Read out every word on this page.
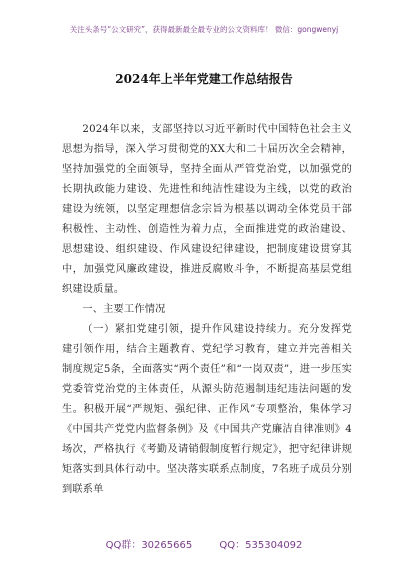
关注头条号“公文研究”，获得最新最全最专业的公文资料库！ 微信：gongwenyj
2024年上半年党建工作总结报告

2024年以来，支部坚持以习近平新时代中国特色社会主义思想为指导，深入学习贯彻党的XX大和二十届历次全会精神，坚持加强党的全面领导，坚持全面从严管党治党，以加强党的长期执政能力建设、先进性和纯洁性建设为主线，以党的政治建设为统领，以坚定理想信念宗旨为根基以调动全体党员干部积极性、主动性、创造性为着力点，全面推进党的政治建设、思想建设、组织建设、作风建设纪律建设，把制度建设贯穿其中，加强党风廉政建设，推进反腐败斗争，不断提高基层党组织建设质量。

一、主要工作情况

（一）紧扣党建引领，提升作风建设持续力。充分发挥党建引领作用，结合主题教育、党纪学习教育，建立并完善相关制度规定5条，全面落实“两个责任”和“一岗双责”，进一步压实党委管党治党的主体责任，从源头防范遏制违纪违法问题的发生。积极开展“严规矩、强纪律、正作风”专项整治，集体学习《中国共产党党内监督条例》及《中国共产党廉洁自律准则》4场次，严格执行《考勤及请销假制度暂行规定》，把守纪律讲规矩落实到具体行动中。坚决落实联系点制度，7名班子成员分别到联系单

QQ群：30265665	QQ：535304092
